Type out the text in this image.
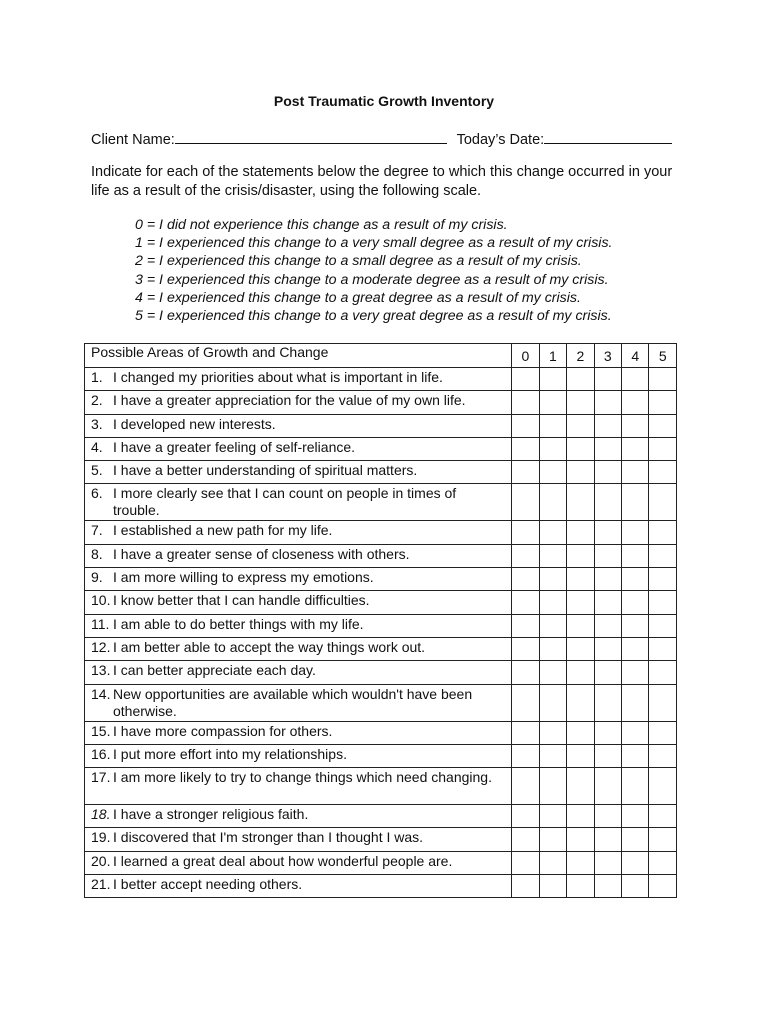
Post Traumatic Growth Inventory
Client Name:	Today’s Date:
Indicate for each of the statements below the degree to which this change occurred in your life as a result of the crisis/disaster, using the following scale.
0 = I did not experience this change as a result of my crisis.
1 = I experienced this change to a very small degree as a result of my crisis.
2 = I experienced this change to a small degree as a result of my crisis.
3 = I experienced this change to a moderate degree as a result of my crisis.
4 = I experienced this change to a great degree as a result of my crisis.
5 = I experienced this change to a very great degree as a result of my crisis.
Possible Areas of Growth and Change	0	1	2	3	4	5

1. I changed my priorities about what is important in life.						

2. I have a greater appreciation for the value of my own life.						

3. I developed new interests.						

4. I have a greater feeling of self-reliance.						

5. I have a better understanding of spiritual matters.						

6. I more clearly see that I can count on people in times of trouble.						

7. I established a new path for my life.						

8. I have a greater sense of closeness with others.						

9. I am more willing to express my emotions.						

10. I know better that I can handle difficulties.						

11. I am able to do better things with my life.						

12. I am better able to accept the way things work out.						

13. I can better appreciate each day.						

14. New opportunities are available which wouldn't have been otherwise.						

15. I have more compassion for others.						

16. I put more effort into my relationships.						

17. I am more likely to try to change things which need changing.						

18. I have a stronger religious faith.						

19. I discovered that I'm stronger than I thought I was.						

20. I learned a great deal about how wonderful people are.						

21. I better accept needing others.						
